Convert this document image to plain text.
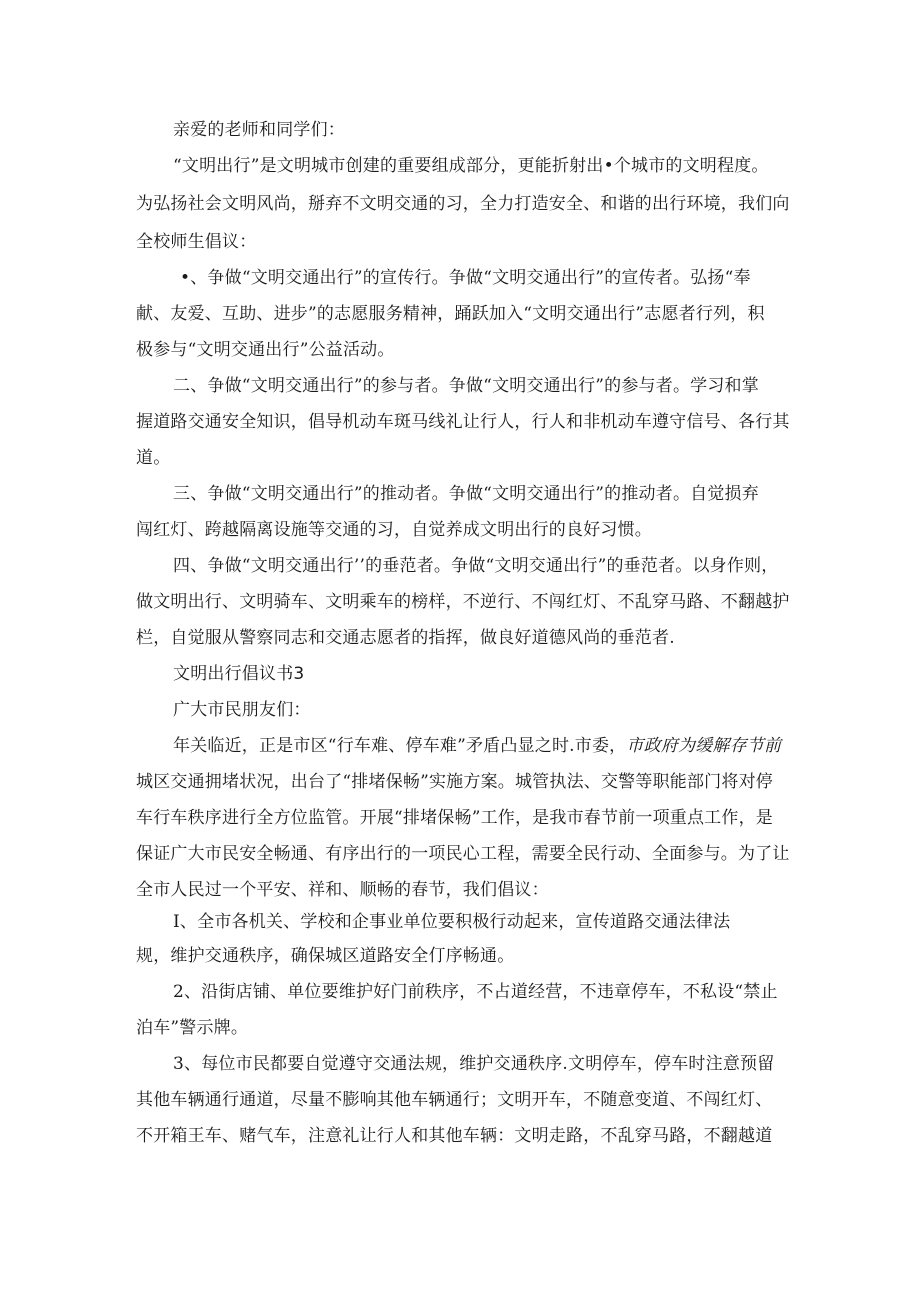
亲爱的老师和同学们：
“文明出行”是文明城市创建的重要组成部分，更能折射出•个城市的文明程度。
为弘扬社会文明风尚，掰弃不文明交通的习，全力打造安全、和谐的出行环境，我们向
全校师生倡议：
•、争做“文明交通出行”的宣传行。争做“文明交通出行”的宣传者。弘扬“奉
献、友爱、互助、进步”的志愿服务精神，踊跃加入“文明交通出行”志愿者行列，积
极参与“文明交通出行”公益活动。
二、争做“文明交通出行”的参与者。争做“文明交通出行”的参与者。学习和掌
握道路交通安全知识，倡导机动车斑马线礼让行人，行人和非机动车遵守信号、各行其
道。
三、争做“文明交通出行”的推动者。争做“文明交通出行”的推动者。自觉损弃
闯红灯、跨越隔离设施等交通的习，自觉养成文明出行的良好习惯。
四、争做“文明交通出行’’的垂范者。争做“文明交通出行”的垂范者。以身作则，
做文明出行、文明骑车、文明乘车的榜样，不逆行、不闯红灯、不乱穿马路、不翻越护
栏，自觉服从警察同志和交通志愿者的指挥，做良好道德风尚的垂范者.
文明出行倡议书3
广大市民朋友们：
年关临近，正是市区“行车难、停车难”矛盾凸显之时.市委，市政府为缓解存节前
城区交通拥堵状况，出台了“排堵保畅”实施方案。城管执法、交警等职能部门将对停
车行车秩序进行全方位监管。开展“排堵保畅”工作，是我市春节前一项重点工作，是
保证广大市民安全畅通、有序出行的一项民心工程，需要全民行动、全面参与。为了让
全市人民过一个平安、祥和、顺畅的春节，我们倡议：
I、全市各机关、学校和企事业单位要积极行动起来，宣传道路交通法律法
规，维护交通秩序，确保城区道路安全仃序畅通。
2、沿街店铺、单位要维护好门前秩序，不占道经营，不违章停车，不私设“禁止
泊车”警示牌。
3、每位市民都要自觉遵守交通法规，维护交通秩序.文明停车，停车时注意预留
其他车辆通行通道，尽量不膨响其他车辆通行；文明开车，不随意变道、不闯红灯、
不开箱王车、赌气车，注意礼让行人和其他车辆：文明走路，不乱穿马路，不翻越道
